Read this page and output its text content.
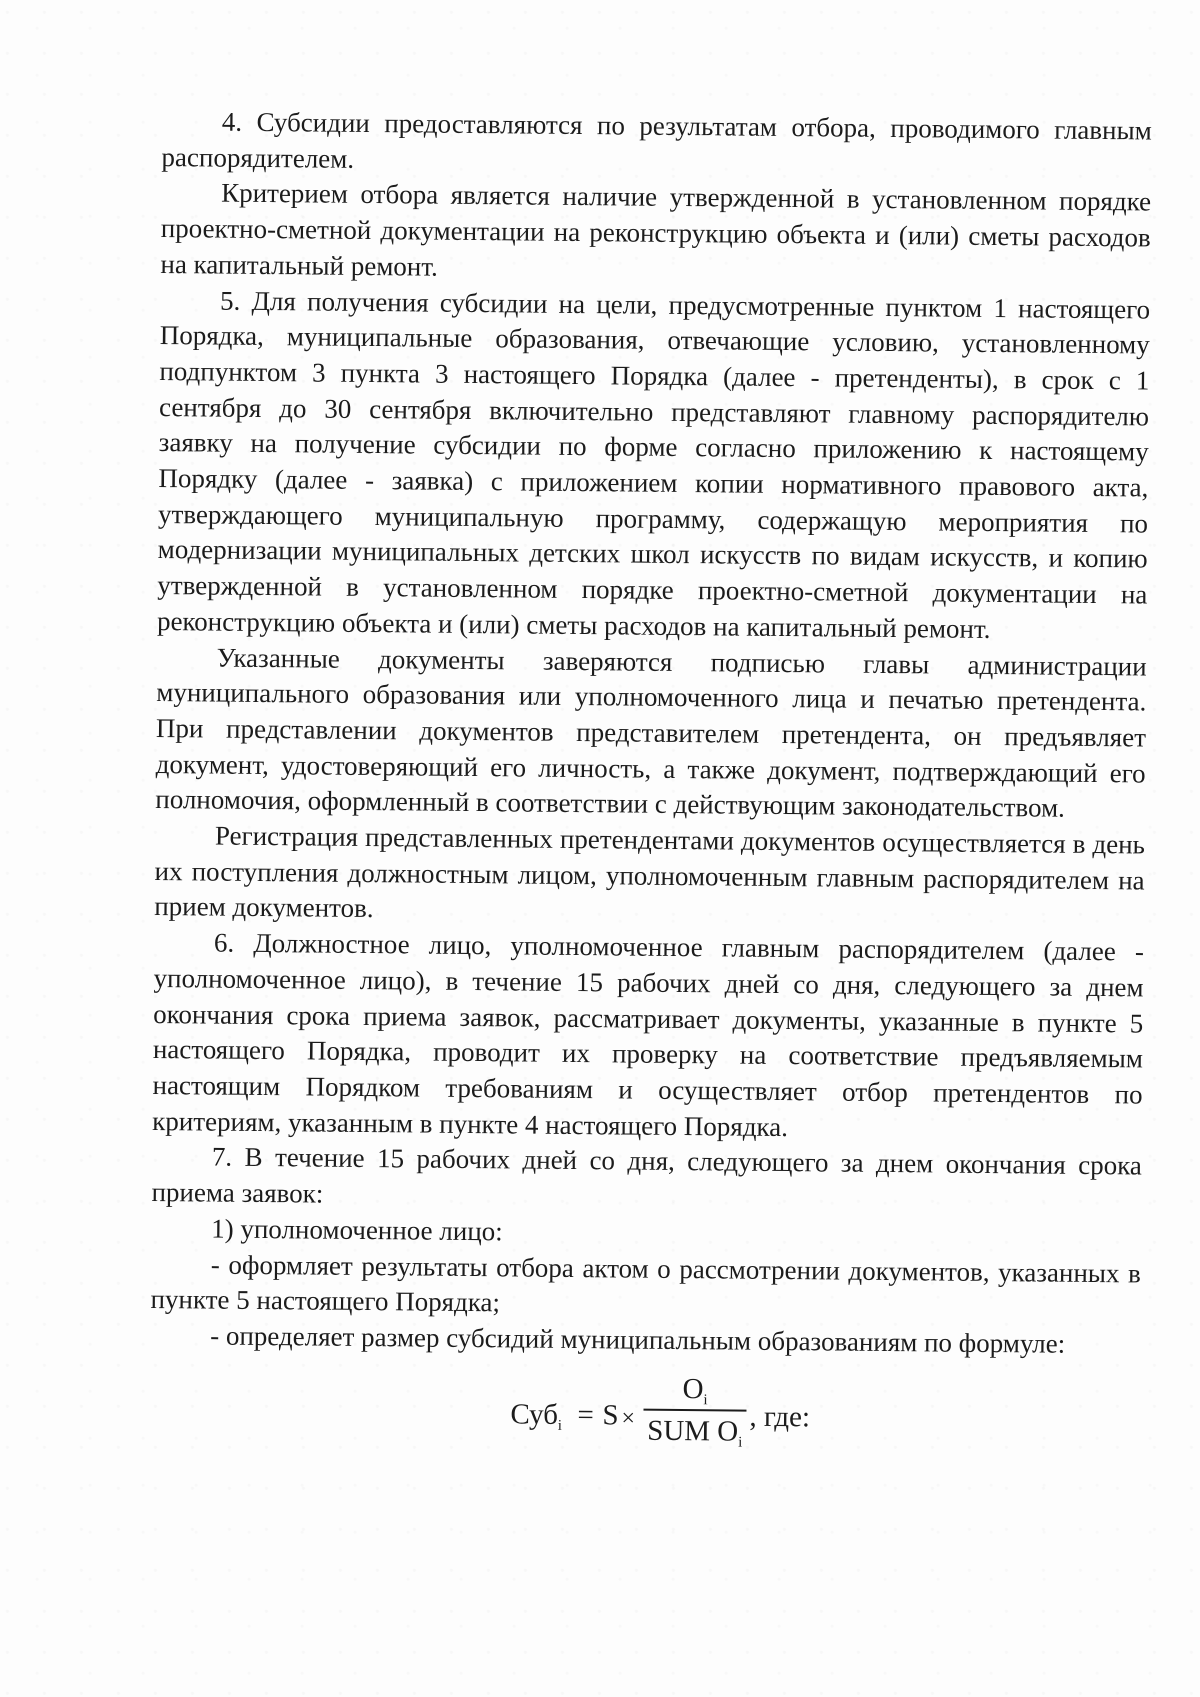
4. Субсидии предоставляются по результатам отбора, проводимого главным распорядителем.

Критерием отбора является наличие утвержденной в установленном порядке проектно-сметной документации на реконструкцию объекта и (или) сметы расходов на капитальный ремонт.

5. Для получения субсидии на цели, предусмотренные пунктом 1 настоящего Порядка, муниципальные образования, отвечающие условию, установленному подпунктом 3 пункта 3 настоящего Порядка (далее - претенденты), в срок с 1 сентября до 30 сентября включительно представляют главному распорядителю заявку на получение субсидии по форме согласно приложению к настоящему Порядку (далее - заявка) с приложением копии нормативного правового акта, утверждающего муниципальную программу, содержащую мероприятия по модернизации муниципальных детских школ искусств по видам искусств, и копию утвержденной в установленном порядке проектно-сметной документации на реконструкцию объекта и (или) сметы расходов на капитальный ремонт.

Указанные документы заверяются подписью главы администрации муниципального образования или уполномоченного лица и печатью претендента. При представлении документов представителем претендента, он предъявляет документ, удостоверяющий его личность, а также документ, подтверждающий его полномочия, оформленный в соответствии с действующим законодательством.

Регистрация представленных претендентами документов осуществляется в день их поступления должностным лицом, уполномоченным главным распорядителем на прием документов.

6. Должностное лицо, уполномоченное главным распорядителем (далее - уполномоченное лицо), в течение 15 рабочих дней со дня, следующего за днем окончания срока приема заявок, рассматривает документы, указанные в пункте 5 настоящего Порядка, проводит их проверку на соответствие предъявляемым настоящим Порядком требованиям и осуществляет отбор претендентов по критериям, указанным в пункте 4 настоящего Порядка.

7. В течение 15 рабочих дней со дня, следующего за днем окончания срока приема заявок:

1) уполномоченное лицо:

- оформляет результаты отбора актом о рассмотрении документов, указанных в пункте 5 настоящего Порядка;

- определяет размер субсидий муниципальным образованиям по формуле:

Суб$_i$ = S ×
$O_i$
SUM $O_i$
, где:
